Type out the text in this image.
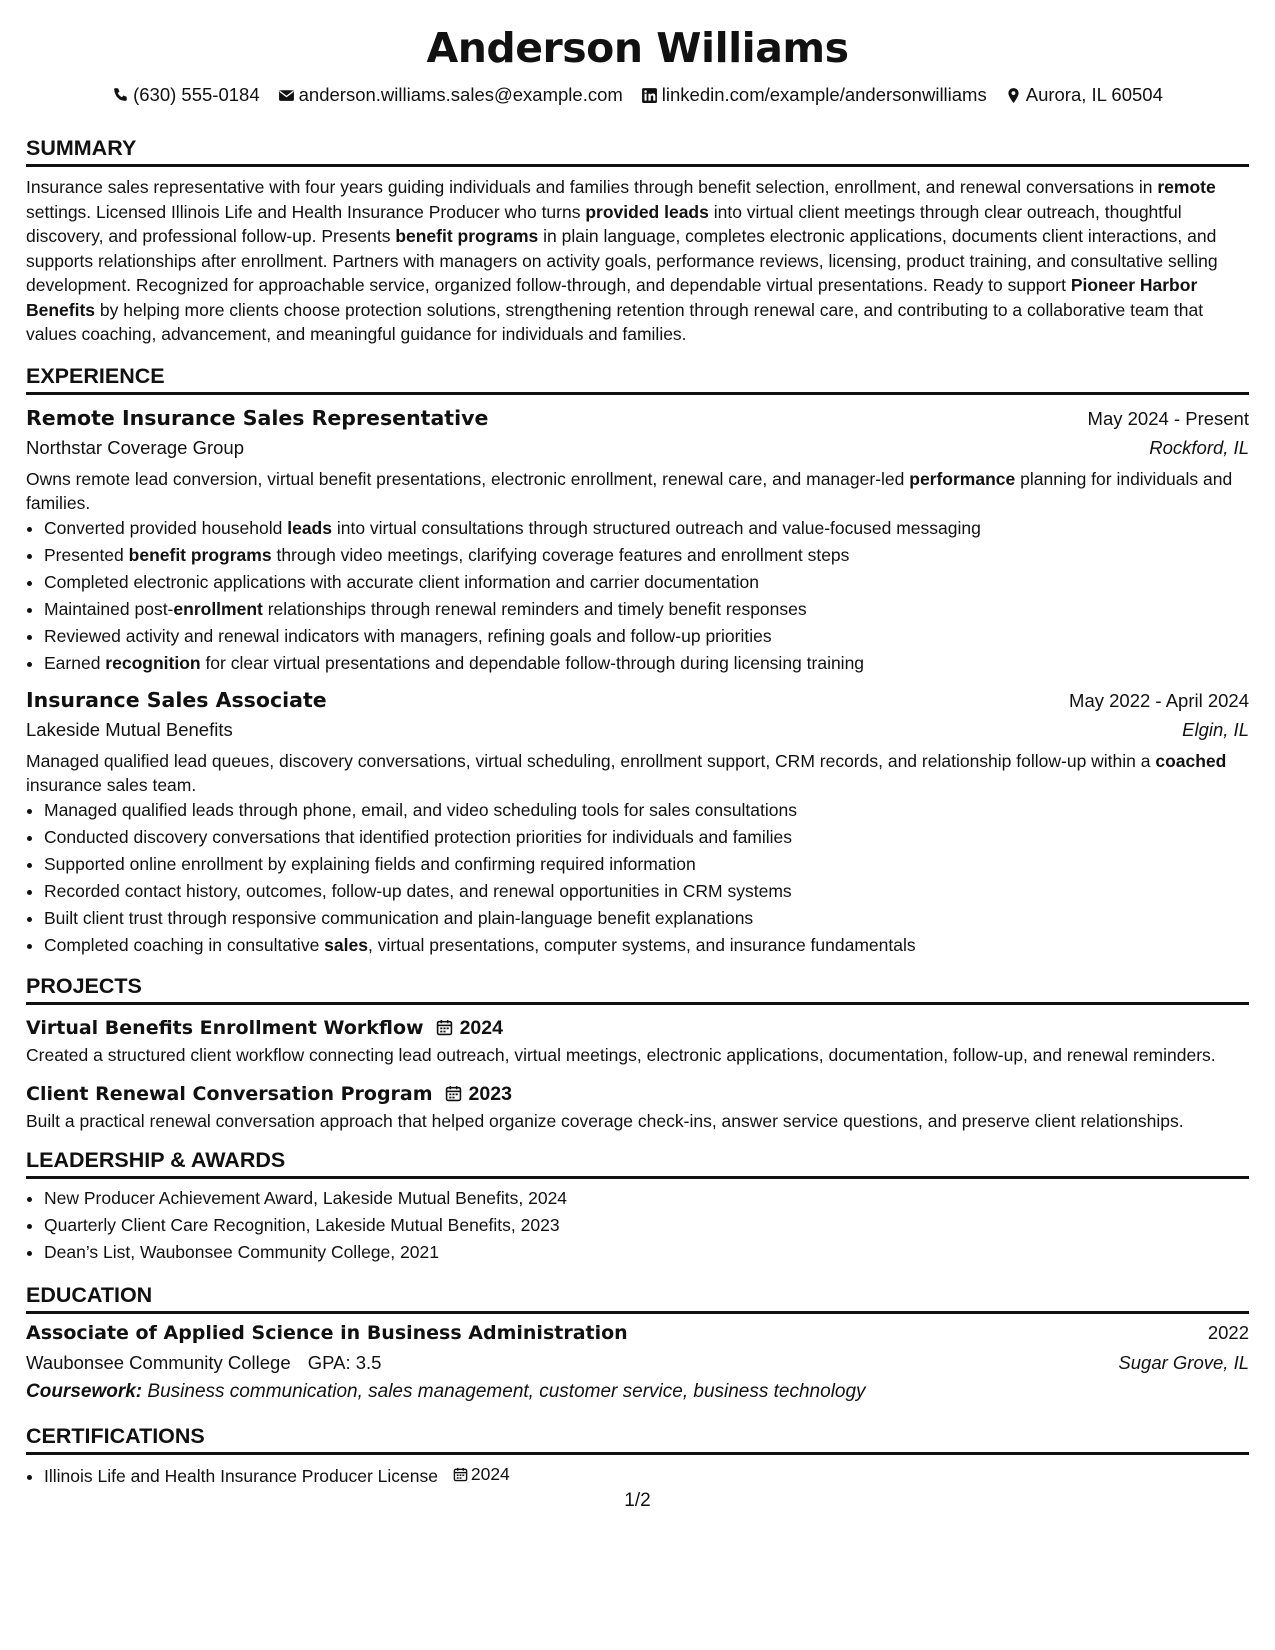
Anderson Williams
(630) 555-0184 anderson.williams.sales@example.com linkedin.com/example/andersonwilliams Aurora, IL 60504
SUMMARY
Insurance sales representative with four years guiding individuals and families through benefit selection, enrollment, and renewal conversations in remote settings. Licensed Illinois Life and Health Insurance Producer who turns provided leads into virtual client meetings through clear outreach, thoughtful discovery, and professional follow-up. Presents benefit programs in plain language, completes electronic applications, documents client interactions, and supports relationships after enrollment. Partners with managers on activity goals, performance reviews, licensing, product training, and consultative selling development. Recognized for approachable service, organized follow-through, and dependable virtual presentations. Ready to support Pioneer Harbor Benefits by helping more clients choose protection solutions, strengthening retention through renewal care, and contributing to a collaborative team that values coaching, advancement, and meaningful guidance for individuals and families.
EXPERIENCE
Remote Insurance Sales Representative	May 2024 - Present
Northstar Coverage Group	Rockford, IL
Owns remote lead conversion, virtual benefit presentations, electronic enrollment, renewal care, and manager-led performance planning for individuals and families.
• Converted provided household leads into virtual consultations through structured outreach and value-focused messaging
• Presented benefit programs through video meetings, clarifying coverage features and enrollment steps
• Completed electronic applications with accurate client information and carrier documentation
• Maintained post-enrollment relationships through renewal reminders and timely benefit responses
• Reviewed activity and renewal indicators with managers, refining goals and follow-up priorities
• Earned recognition for clear virtual presentations and dependable follow-through during licensing training
Insurance Sales Associate	May 2022 - April 2024
Lakeside Mutual Benefits	Elgin, IL
Managed qualified lead queues, discovery conversations, virtual scheduling, enrollment support, CRM records, and relationship follow-up within a coached insurance sales team.
• Managed qualified leads through phone, email, and video scheduling tools for sales consultations
• Conducted discovery conversations that identified protection priorities for individuals and families
• Supported online enrollment by explaining fields and confirming required information
• Recorded contact history, outcomes, follow-up dates, and renewal opportunities in CRM systems
• Built client trust through responsive communication and plain-language benefit explanations
• Completed coaching in consultative sales, virtual presentations, computer systems, and insurance fundamentals
PROJECTS
Virtual Benefits Enrollment Workflow 2024
Created a structured client workflow connecting lead outreach, virtual meetings, electronic applications, documentation, follow-up, and renewal reminders.
Client Renewal Conversation Program 2023
Built a practical renewal conversation approach that helped organize coverage check-ins, answer service questions, and preserve client relationships.
LEADERSHIP & AWARDS
• New Producer Achievement Award, Lakeside Mutual Benefits, 2024
• Quarterly Client Care Recognition, Lakeside Mutual Benefits, 2023
• Dean’s List, Waubonsee Community College, 2021
EDUCATION
Associate of Applied Science in Business Administration	2022
Waubonsee Community College GPA: 3.5	Sugar Grove, IL
Coursework: Business communication, sales management, customer service, business technology
CERTIFICATIONS
• Illinois Life and Health Insurance Producer License 2024
1/2
